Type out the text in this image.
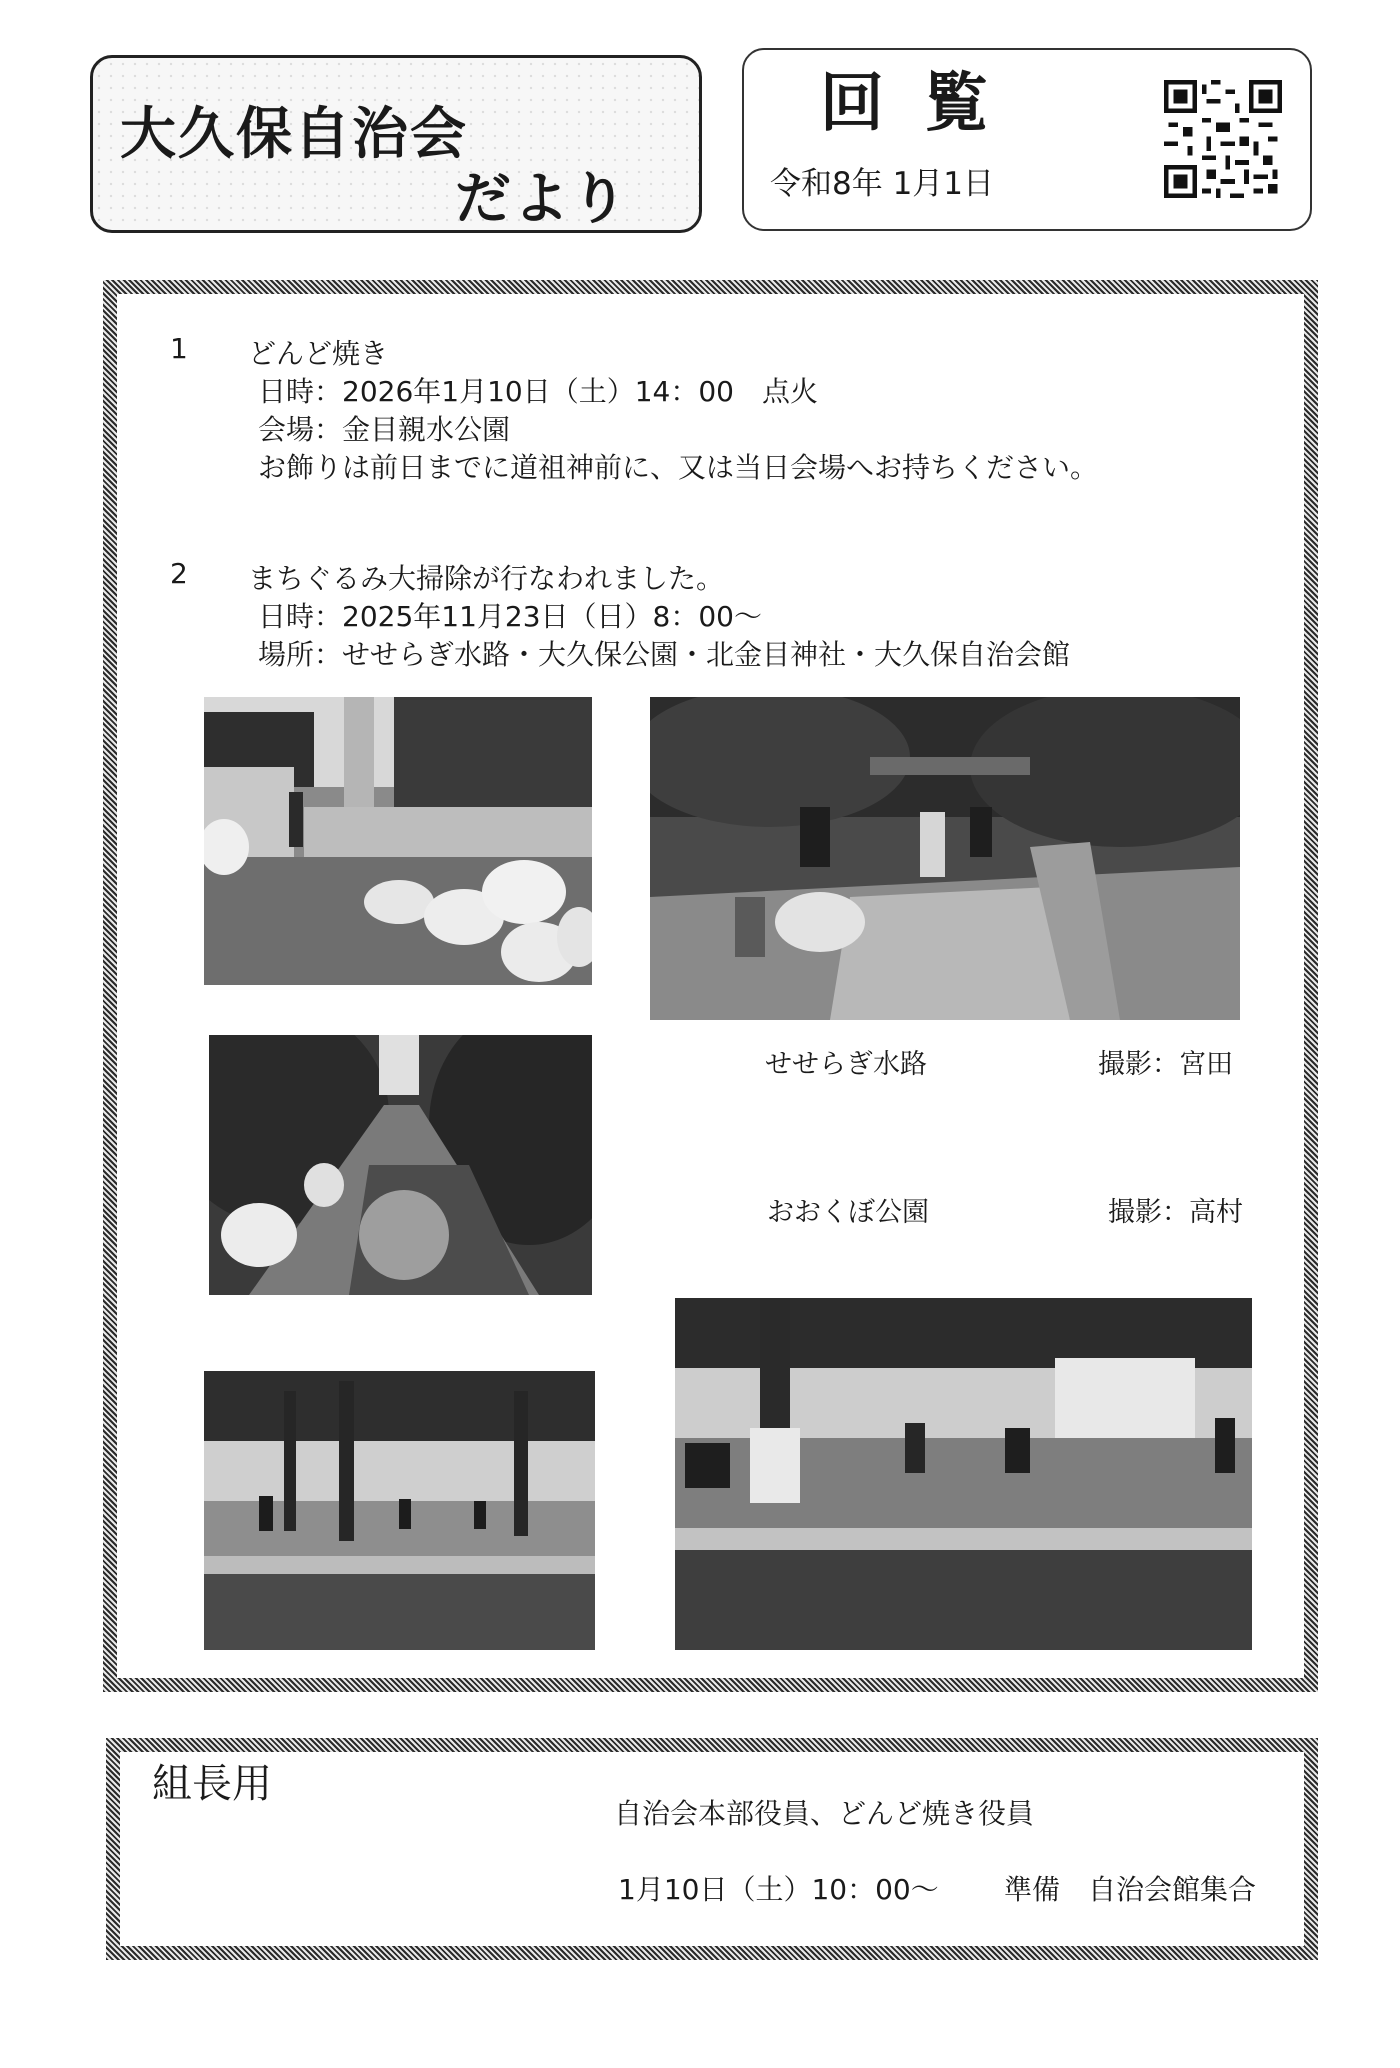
大久保自治会
だより
回覧
令和8年 1月1日
1 どんど焼き
日時：2026年1月10日（土）14：00　点火
会場：金目親水公園
お飾りは前日までに道祖神前に、又は当日会場へお持ちください。
2 まちぐるみ大掃除が行なわれました。
日時：2025年11月23日（日）8：00～
場所：せせらぎ水路・大久保公園・北金目神社・大久保自治会館
せせらぎ水路	撮影：宮田
おおくぼ公園	撮影：高村
組長用
自治会本部役員、どんど焼き役員
1月10日（土）10：00～ 準備　自治会館集合
